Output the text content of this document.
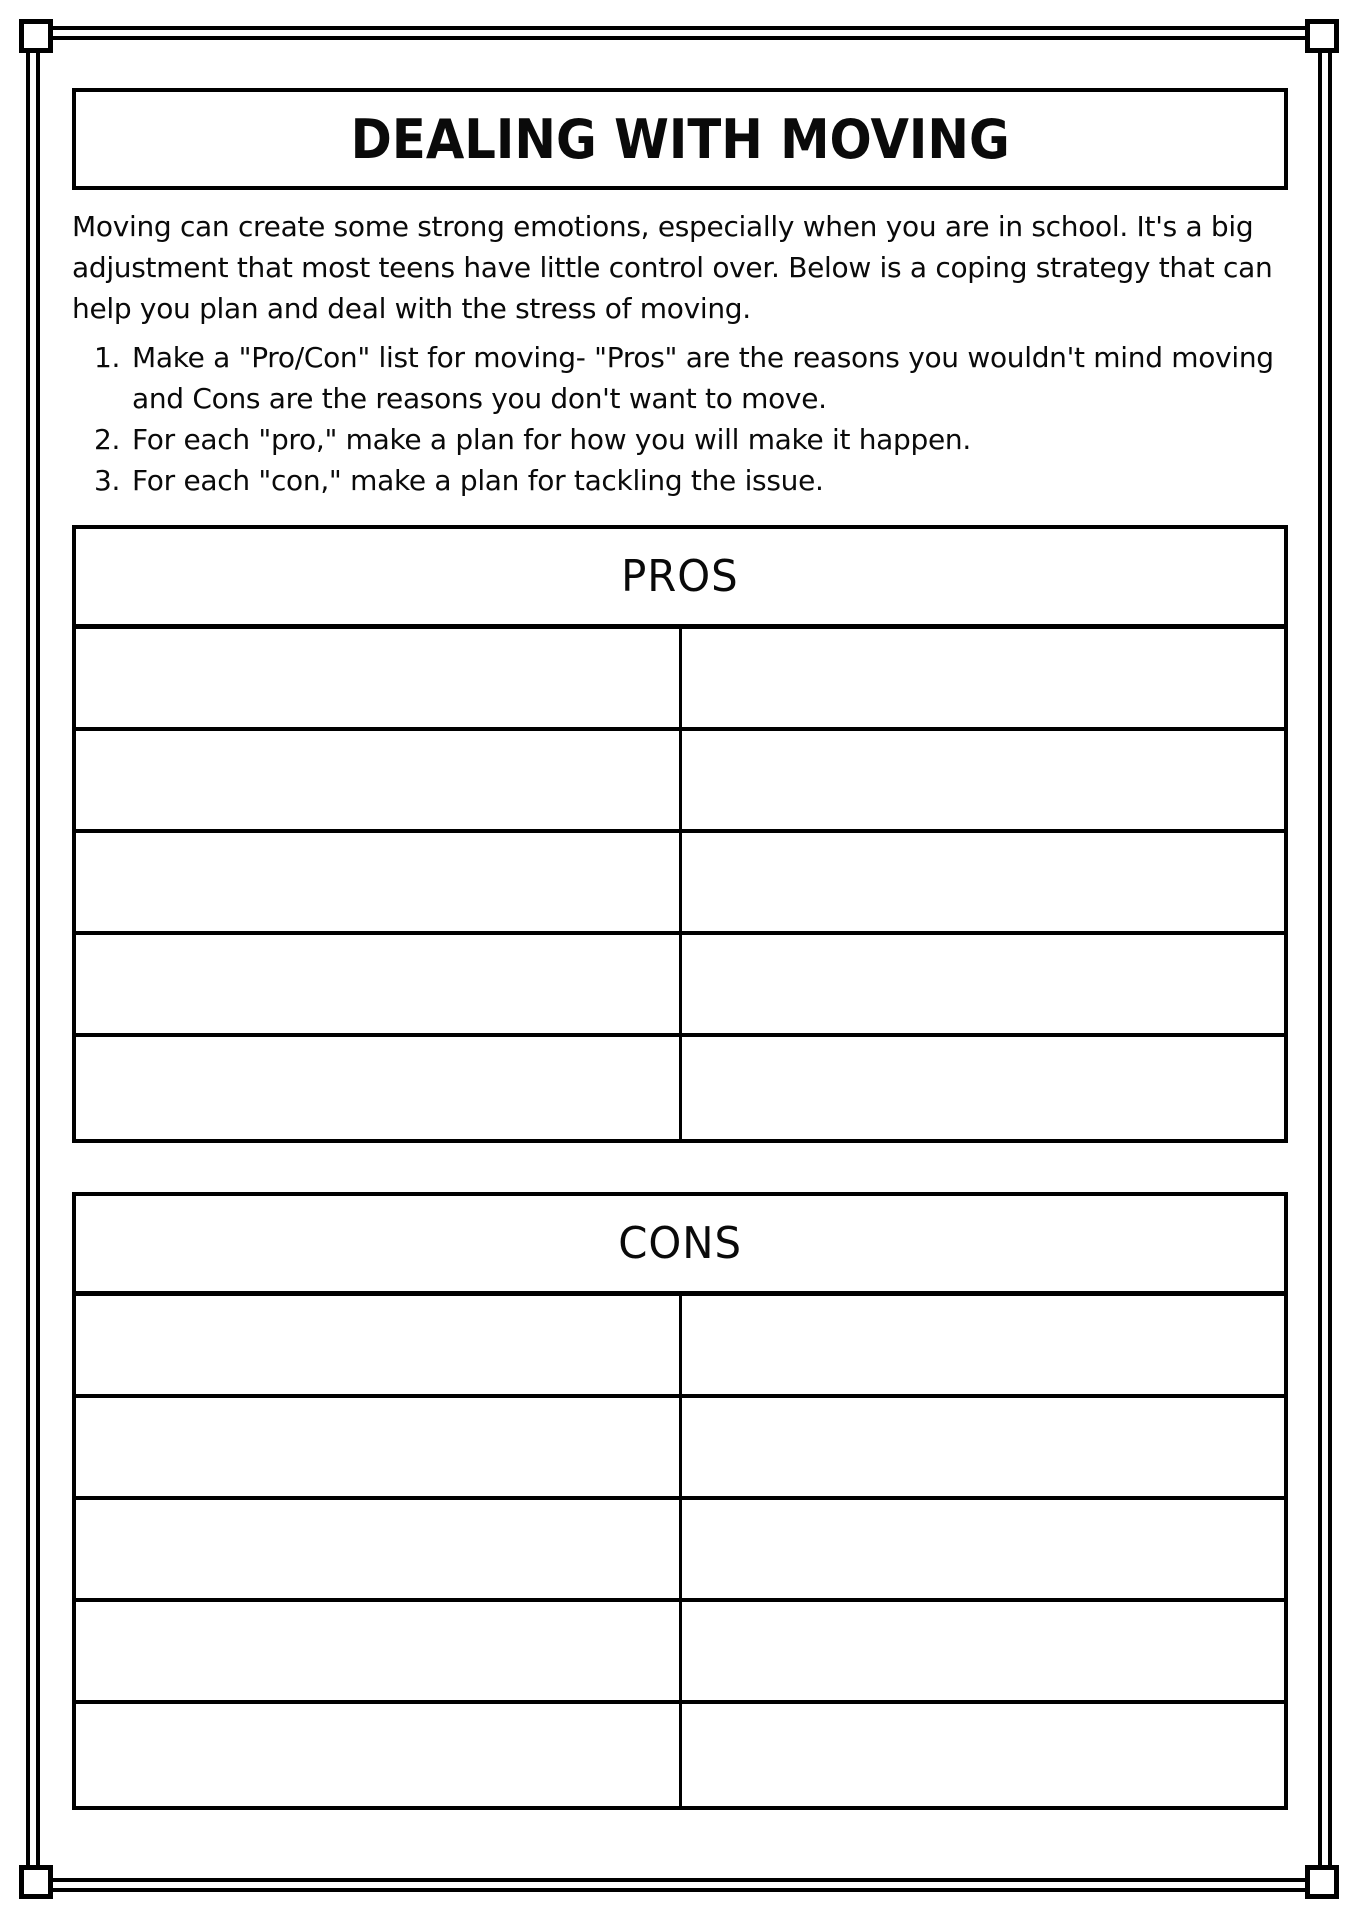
DEALING WITH MOVING

Moving can create some strong emotions, especially when you are in school. It's a big adjustment that most teens have little control over. Below is a coping strategy that can help you plan and deal with the stress of moving.

1. Make a "Pro/Con" list for moving- "Pros" are the reasons you wouldn't mind moving and Cons are the reasons you don't want to move.
2. For each "pro," make a plan for how you will make it happen.
3. For each "con," make a plan for tackling the issue.
PROS
CONS
